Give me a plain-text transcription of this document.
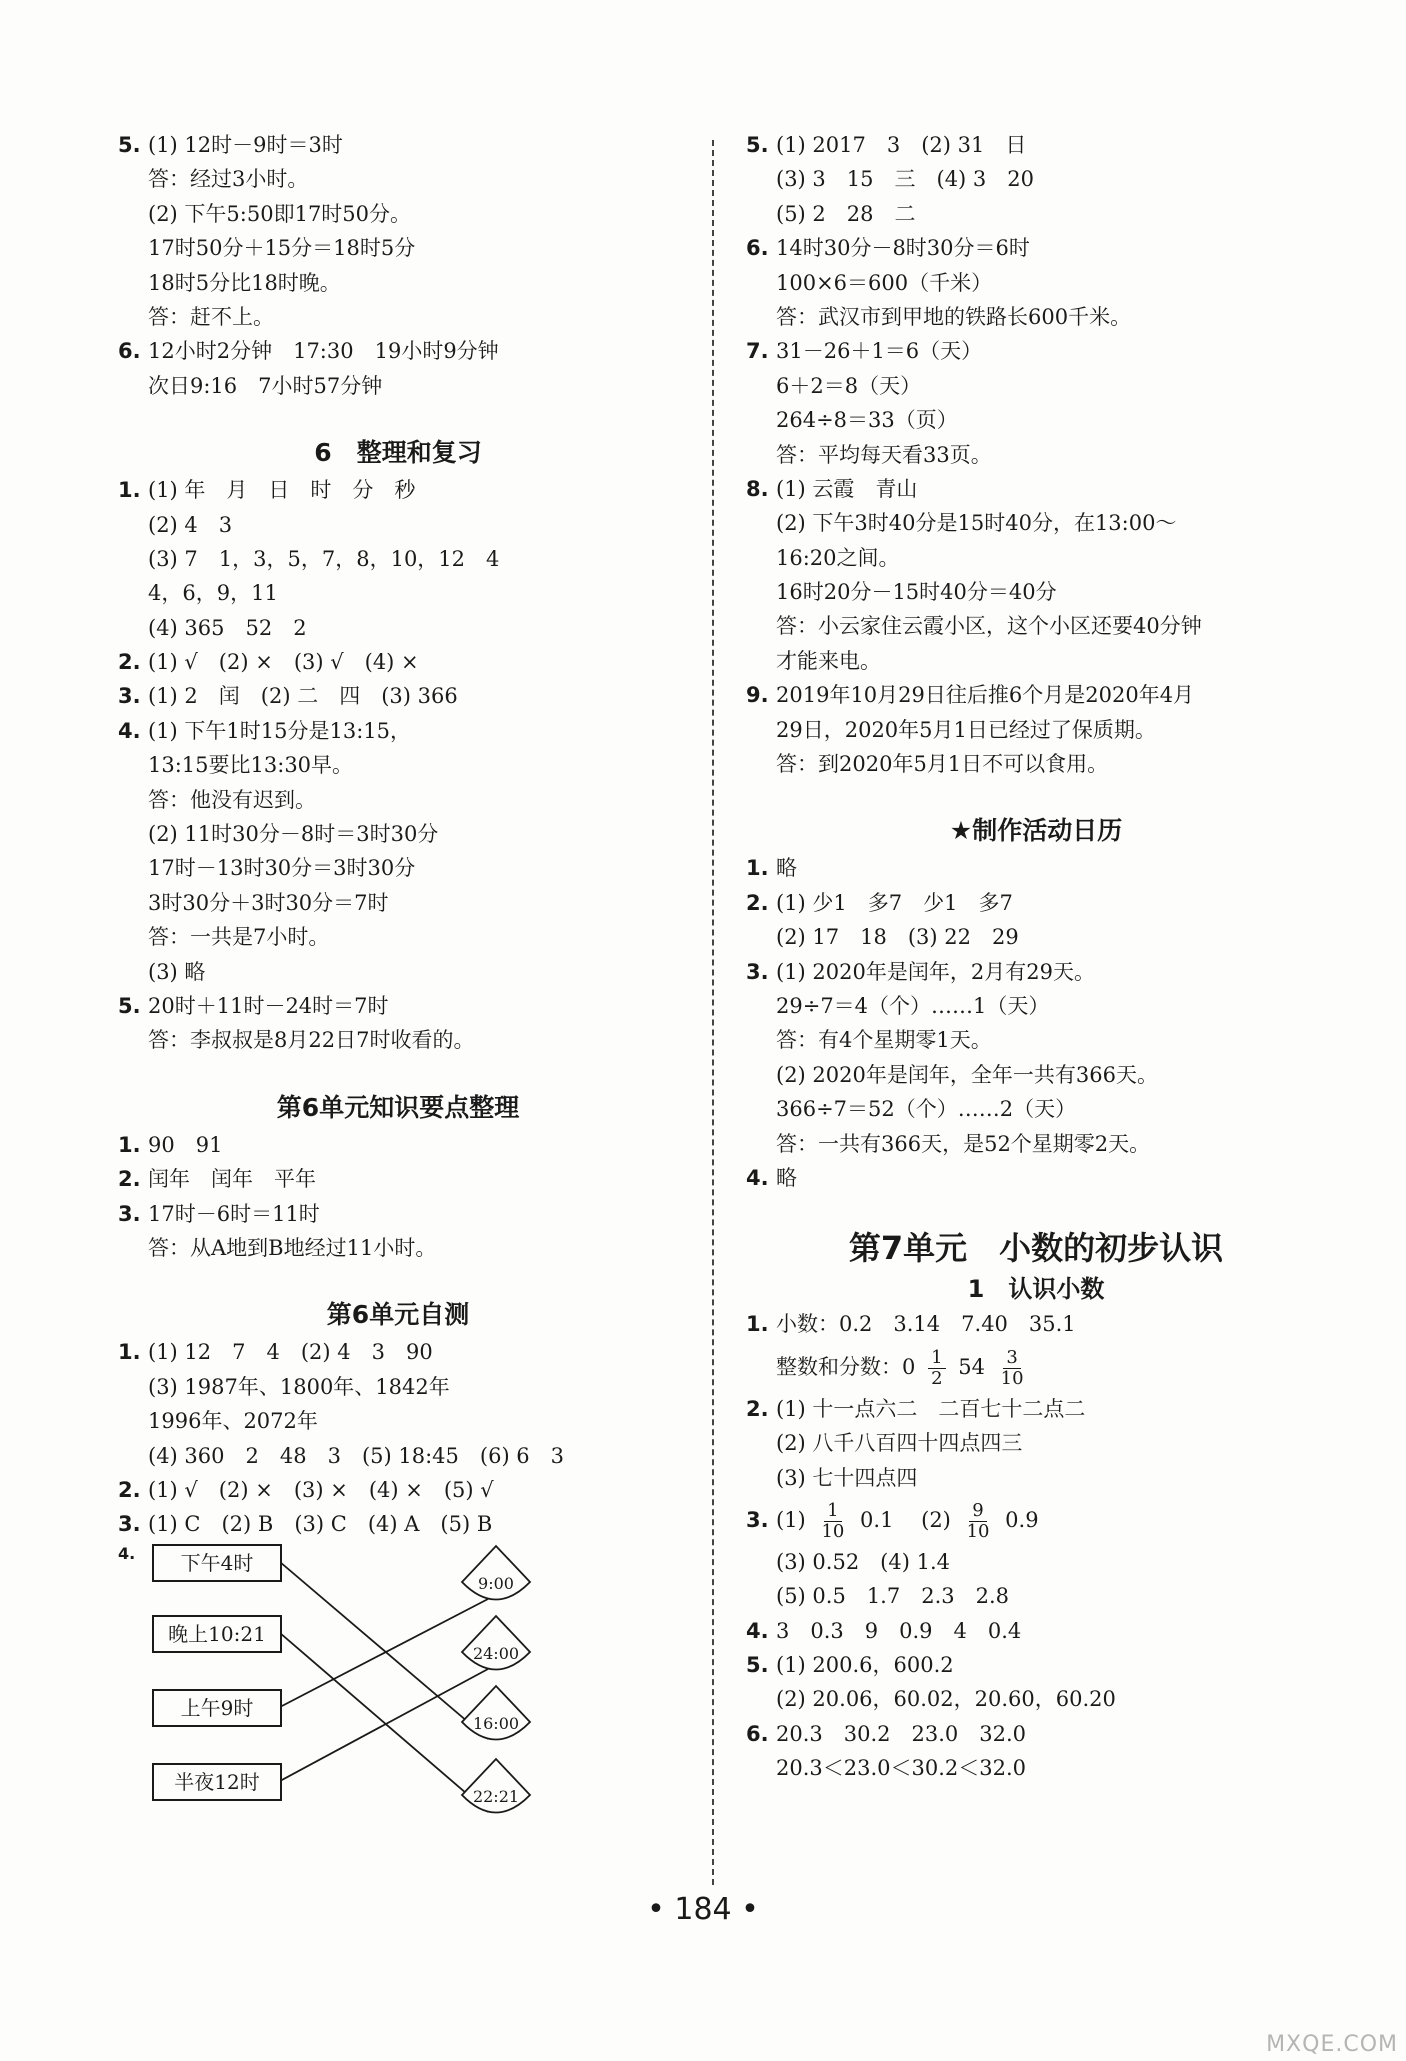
5. (1) 12时－9时＝3时
答：经过3小时。
(2) 下午5:50即17时50分。
17时50分＋15分＝18时5分
18时5分比18时晚。
答：赶不上。
6. 12小时2分钟　17:30　19小时9分钟
次日9:16　7小时57分钟
6　整理和复习
1. (1) 年　月　日　时　分　秒
(2) 4　3
(3) 7　1，3，5，7，8，10，12　4
4，6，9，11
(4) 365　52　2
2. (1) √　(2) ×　(3) √　(4) ×
3. (1) 2　闰　(2) 二　四　(3) 366
4. (1) 下午1时15分是13:15，
13:15要比13:30早。
答：他没有迟到。
(2) 11时30分－8时＝3时30分
17时－13时30分＝3时30分
3时30分＋3时30分＝7时
答：一共是7小时。
(3) 略
5. 20时＋11时－24时＝7时
答：李叔叔是8月22日7时收看的。
第6单元知识要点整理
1. 90　91
2. 闰年　闰年　平年
3. 17时－6时＝11时
答：从A地到B地经过11小时。
第6单元自测
1. (1) 12　7　4　(2) 4　3　90
(3) 1987年、1800年、1842年
1996年、2072年
(4) 360　2　48　3　(5) 18:45　(6) 6　3
2. (1) √　(2) ×　(3) ×　(4) ×　(5) √
3. (1) C　(2) B　(3) C　(4) A　(5) B
4.
9:00
24:00
16:00
22:21
下午4时
晚上10:21
上午9时
半夜12时
5. (1) 2017　3　(2) 31　日
(3) 3　15　三　(4) 3　20
(5) 2　28　二
6. 14时30分－8时30分＝6时
100×6＝600（千米）
答：武汉市到甲地的铁路长600千米。
7. 31－26＋1＝6（天）
6＋2＝8（天）
264÷8＝33（页）
答：平均每天看33页。
8. (1) 云霞　青山
(2) 下午3时40分是15时40分，在13:00～
16:20之间。
16时20分－15时40分＝40分
答：小云家住云霞小区，这个小区还要40分钟
才能来电。
9. 2019年10月29日往后推6个月是2020年4月
29日，2020年5月1日已经过了保质期。
答：到2020年5月1日不可以食用。
★制作活动日历
1. 略
2. (1) 少1　多7　少1　多7
(2) 17　18　(3) 22　29
3. (1) 2020年是闰年，2月有29天。
29÷7＝4（个）……1（天）
答：有4个星期零1天。
(2) 2020年是闰年，全年一共有366天。
366÷7＝52（个）……2（天）
答：一共有366天，是52个星期零2天。
4. 略
第7单元　小数的初步认识
1　认识小数
1. 小数：0.2　3.14　7.40　35.1
整数和分数：$0 \frac{1}{2} 54 \frac{3}{10}$
2. (1) 十一点六二　二百七十二点二
(2) 八千八百四十四点四三
(3) 七十四点四
3. $(1) \frac{1}{10} 0.1$　 $(2) \frac{9}{10} 0.9$
(3) 0.52　(4) 1.4
(5) 0.5　1.7　2.3　2.8
4. 3　0.3　9　0.9　4　0.4
5. (1) 200.6，600.2
(2) 20.06，60.02，20.60，60.20
6. 20.3　30.2　23.0　32.0
20.3＜23.0＜30.2＜32.0
• 184 •
MXQE.COM
